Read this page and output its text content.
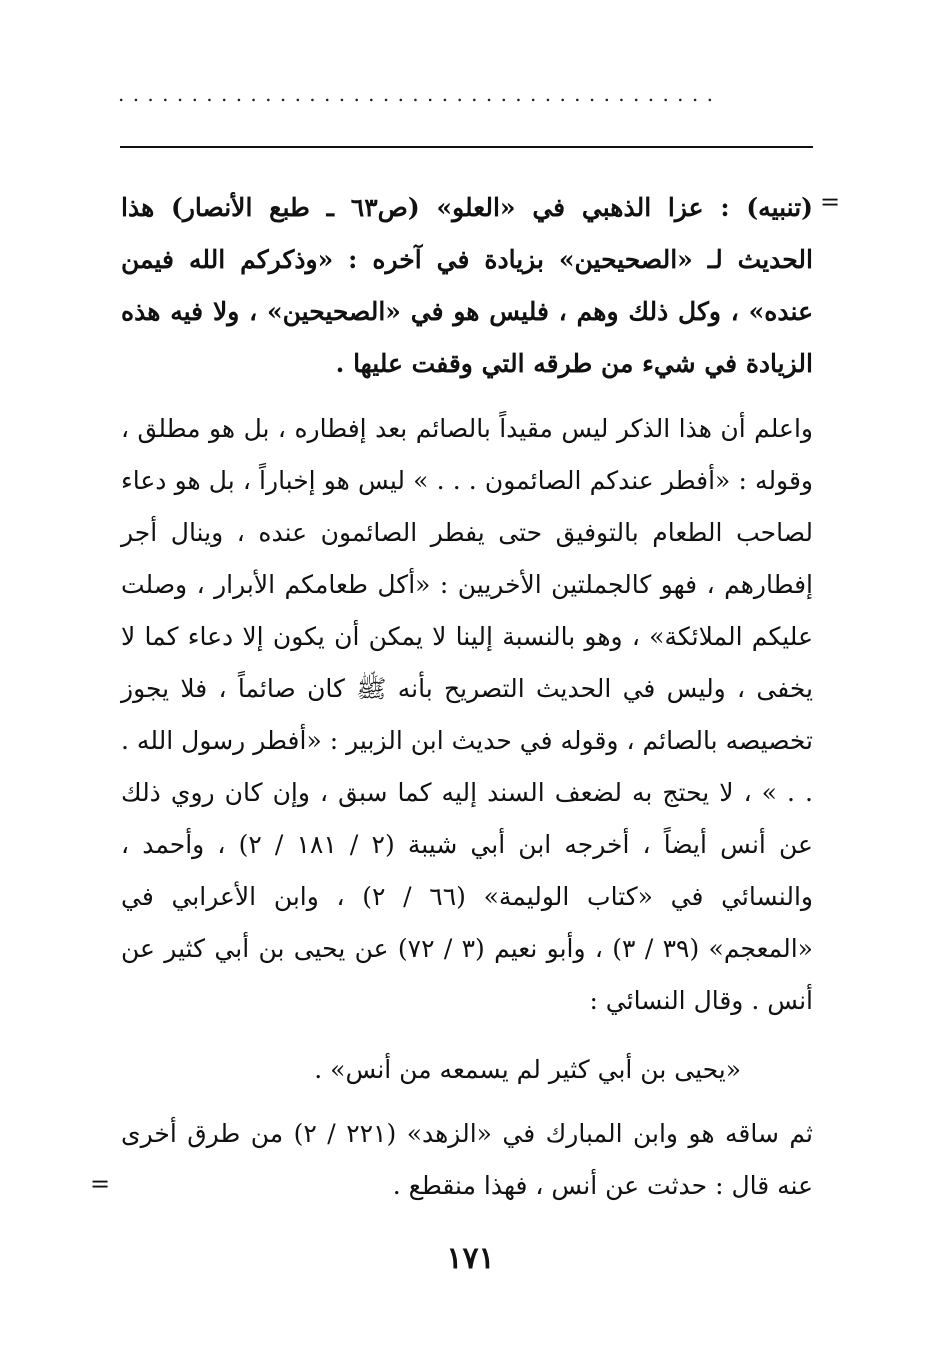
. . . . . . . . . . . . . . . . . . . . . . . . . . . . . . . . . . . . . . . . .
=
(تنبيه) : عزا الذهبي في «العلو» (ص٦٣ ـ طبع الأنصار) هذا الحديث لـ «الصحيحين» بزيادة في آخره : «وذكركم الله فيمن عنده» ، وكل ذلك وهم ، فليس هو في «الصحيحين» ، ولا فيه هذه الزيادة في شيء من طرقه التي وقفت عليها .
واعلم أن هذا الذكر ليس مقيداً بالصائم بعد إفطاره ، بل هو مطلق ، وقوله : «أفطر عندكم الصائمون . . . » ليس هو إخباراً ، بل هو دعاء لصاحب الطعام بالتوفيق حتى يفطر الصائمون عنده ، وينال أجر إفطارهم ، فهو كالجملتين الأخريين : «أكل طعامكم الأبرار ، وصلت عليكم الملائكة» ، وهو بالنسبة إلينا لا يمكن أن يكون إلا دعاء كما لا يخفى ، وليس في الحديث التصريح بأنه ﷺ كان صائماً ، فلا يجوز تخصيصه بالصائم ، وقوله في حديث ابن الزبير : «أفطر رسول الله . . . » ، لا يحتج به لضعف السند إليه كما سبق ، وإن كان روي ذلك عن أنس أيضاً ، أخرجه ابن أبي شيبة (٢ / ١٨١ / ٢) ، وأحمد ، والنسائي في «كتاب الوليمة» (٦٦ / ٢) ، وابن الأعرابي في «المعجم» (٣٩ / ٣) ، وأبو نعيم (٣ / ٧٢) عن يحيى بن أبي كثير عن أنس . وقال النسائي :
«يحيى بن أبي كثير لم يسمعه من أنس» .
ثم ساقه هو وابن المبارك في «الزهد» (٢٢١ / ٢) من طرق أخرى عنه قال : حدثت عن أنس ، فهذا منقطع .
=
١٧١
